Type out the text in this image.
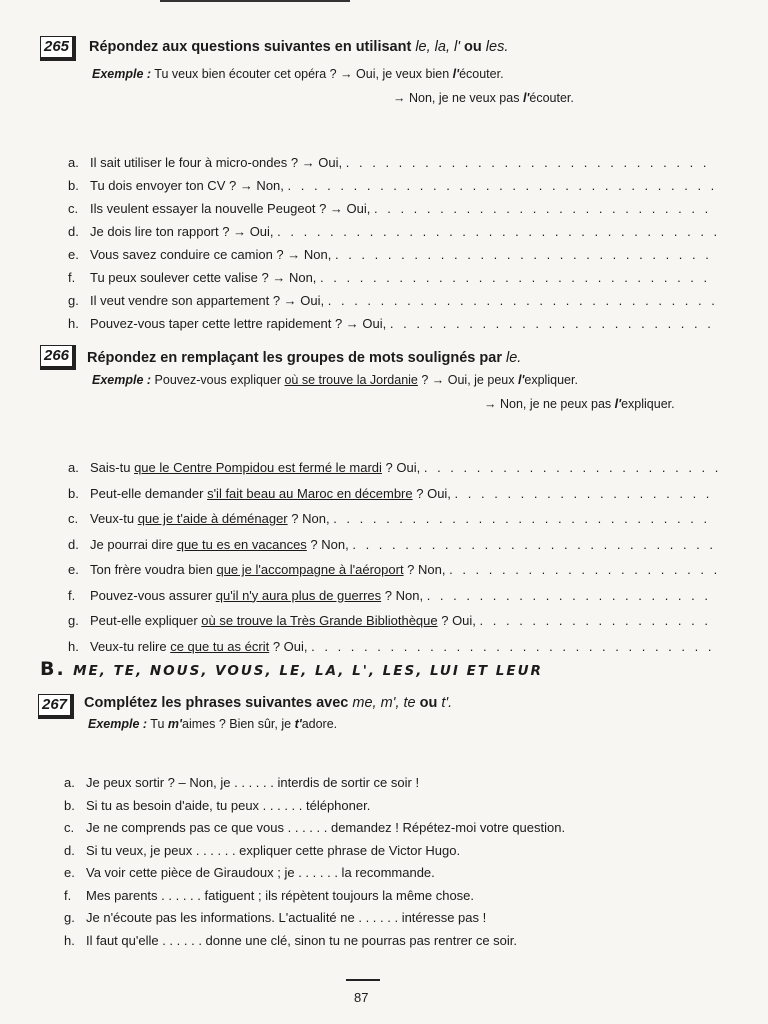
265	Répondez aux questions suivantes en utilisant le, la, l' ou les.
Exemple : Tu veux bien écouter cet opéra ? → Oui, je veux bien l'écouter.
→ Non, je ne veux pas l'écouter.
a. Il sait utiliser le four à micro-ondes ? → Oui, . . . . . . . . . . . . . . . . . . . . . . . . . . . .
b. Tu dois envoyer ton CV ? → Non, . . . . . . . . . . . . . . . . . . . . . . . . . . . . . . . . .
c. Ils veulent essayer la nouvelle Peugeot ? → Oui, . . . . . . . . . . . . . . . . . . . . . . . . . .
d. Je dois lire ton rapport ? → Oui, . . . . . . . . . . . . . . . . . . . . . . . . . . . . . . . . . .
e. Vous savez conduire ce camion ? → Non, . . . . . . . . . . . . . . . . . . . . . . . . . . . . .
f. Tu peux soulever cette valise ? → Non, . . . . . . . . . . . . . . . . . . . . . . . . . . . . . .
g. Il veut vendre son appartement ? → Oui, . . . . . . . . . . . . . . . . . . . . . . . . . . . . . .
h. Pouvez-vous taper cette lettre rapidement ? → Oui, . . . . . . . . . . . . . . . . . . . . . . . . .
266	Répondez en remplaçant les groupes de mots soulignés par le.
Exemple : Pouvez-vous expliquer où se trouve la Jordanie ? → Oui, je peux l'expliquer.
→ Non, je ne peux pas l'expliquer.
a. Sais-tu que le Centre Pompidou est fermé le mardi ? Oui, . . . . . . . . . . . . . . . . . . . . . . .
b. Peut-elle demander s'il fait beau au Maroc en décembre ? Oui, . . . . . . . . . . . . . . . . . . . .
c. Veux-tu que je t'aide à déménager ? Non, . . . . . . . . . . . . . . . . . . . . . . . . . . . . .
d. Je pourrai dire que tu es en vacances ? Non, . . . . . . . . . . . . . . . . . . . . . . . . . . . .
e. Ton frère voudra bien que je l'accompagne à l'aéroport ? Non, . . . . . . . . . . . . . . . . . . . . .
f. Pouvez-vous assurer qu'il n'y aura plus de guerres ? Non, . . . . . . . . . . . . . . . . . . . . . .
g. Peut-elle expliquer où se trouve la Très Grande Bibliothèque ? Oui, . . . . . . . . . . . . . . . . . .
h. Veux-tu relire ce que tu as écrit ? Oui, . . . . . . . . . . . . . . . . . . . . . . . . . . . . . . .
B. ME, TE, NOUS, VOUS, LE, LA, L', LES, LUI ET LEUR
267	Complétez les phrases suivantes avec me, m', te ou t'.
Exemple : Tu m'aimes ? Bien sûr, je t'adore.
a. Je peux sortir ? – Non, je . . . . . . interdis de sortir ce soir !
b. Si tu as besoin d'aide, tu peux . . . . . . téléphoner.
c. Je ne comprends pas ce que vous . . . . . . demandez ! Répétez-moi votre question.
d. Si tu veux, je peux . . . . . . expliquer cette phrase de Victor Hugo.
e. Va voir cette pièce de Giraudoux ; je . . . . . . la recommande.
f. Mes parents . . . . . . fatiguent ; ils répètent toujours la même chose.
g. Je n'écoute pas les informations. L'actualité ne . . . . . . intéresse pas !
h. Il faut qu'elle . . . . . . donne une clé, sinon tu ne pourras pas rentrer ce soir.
87
